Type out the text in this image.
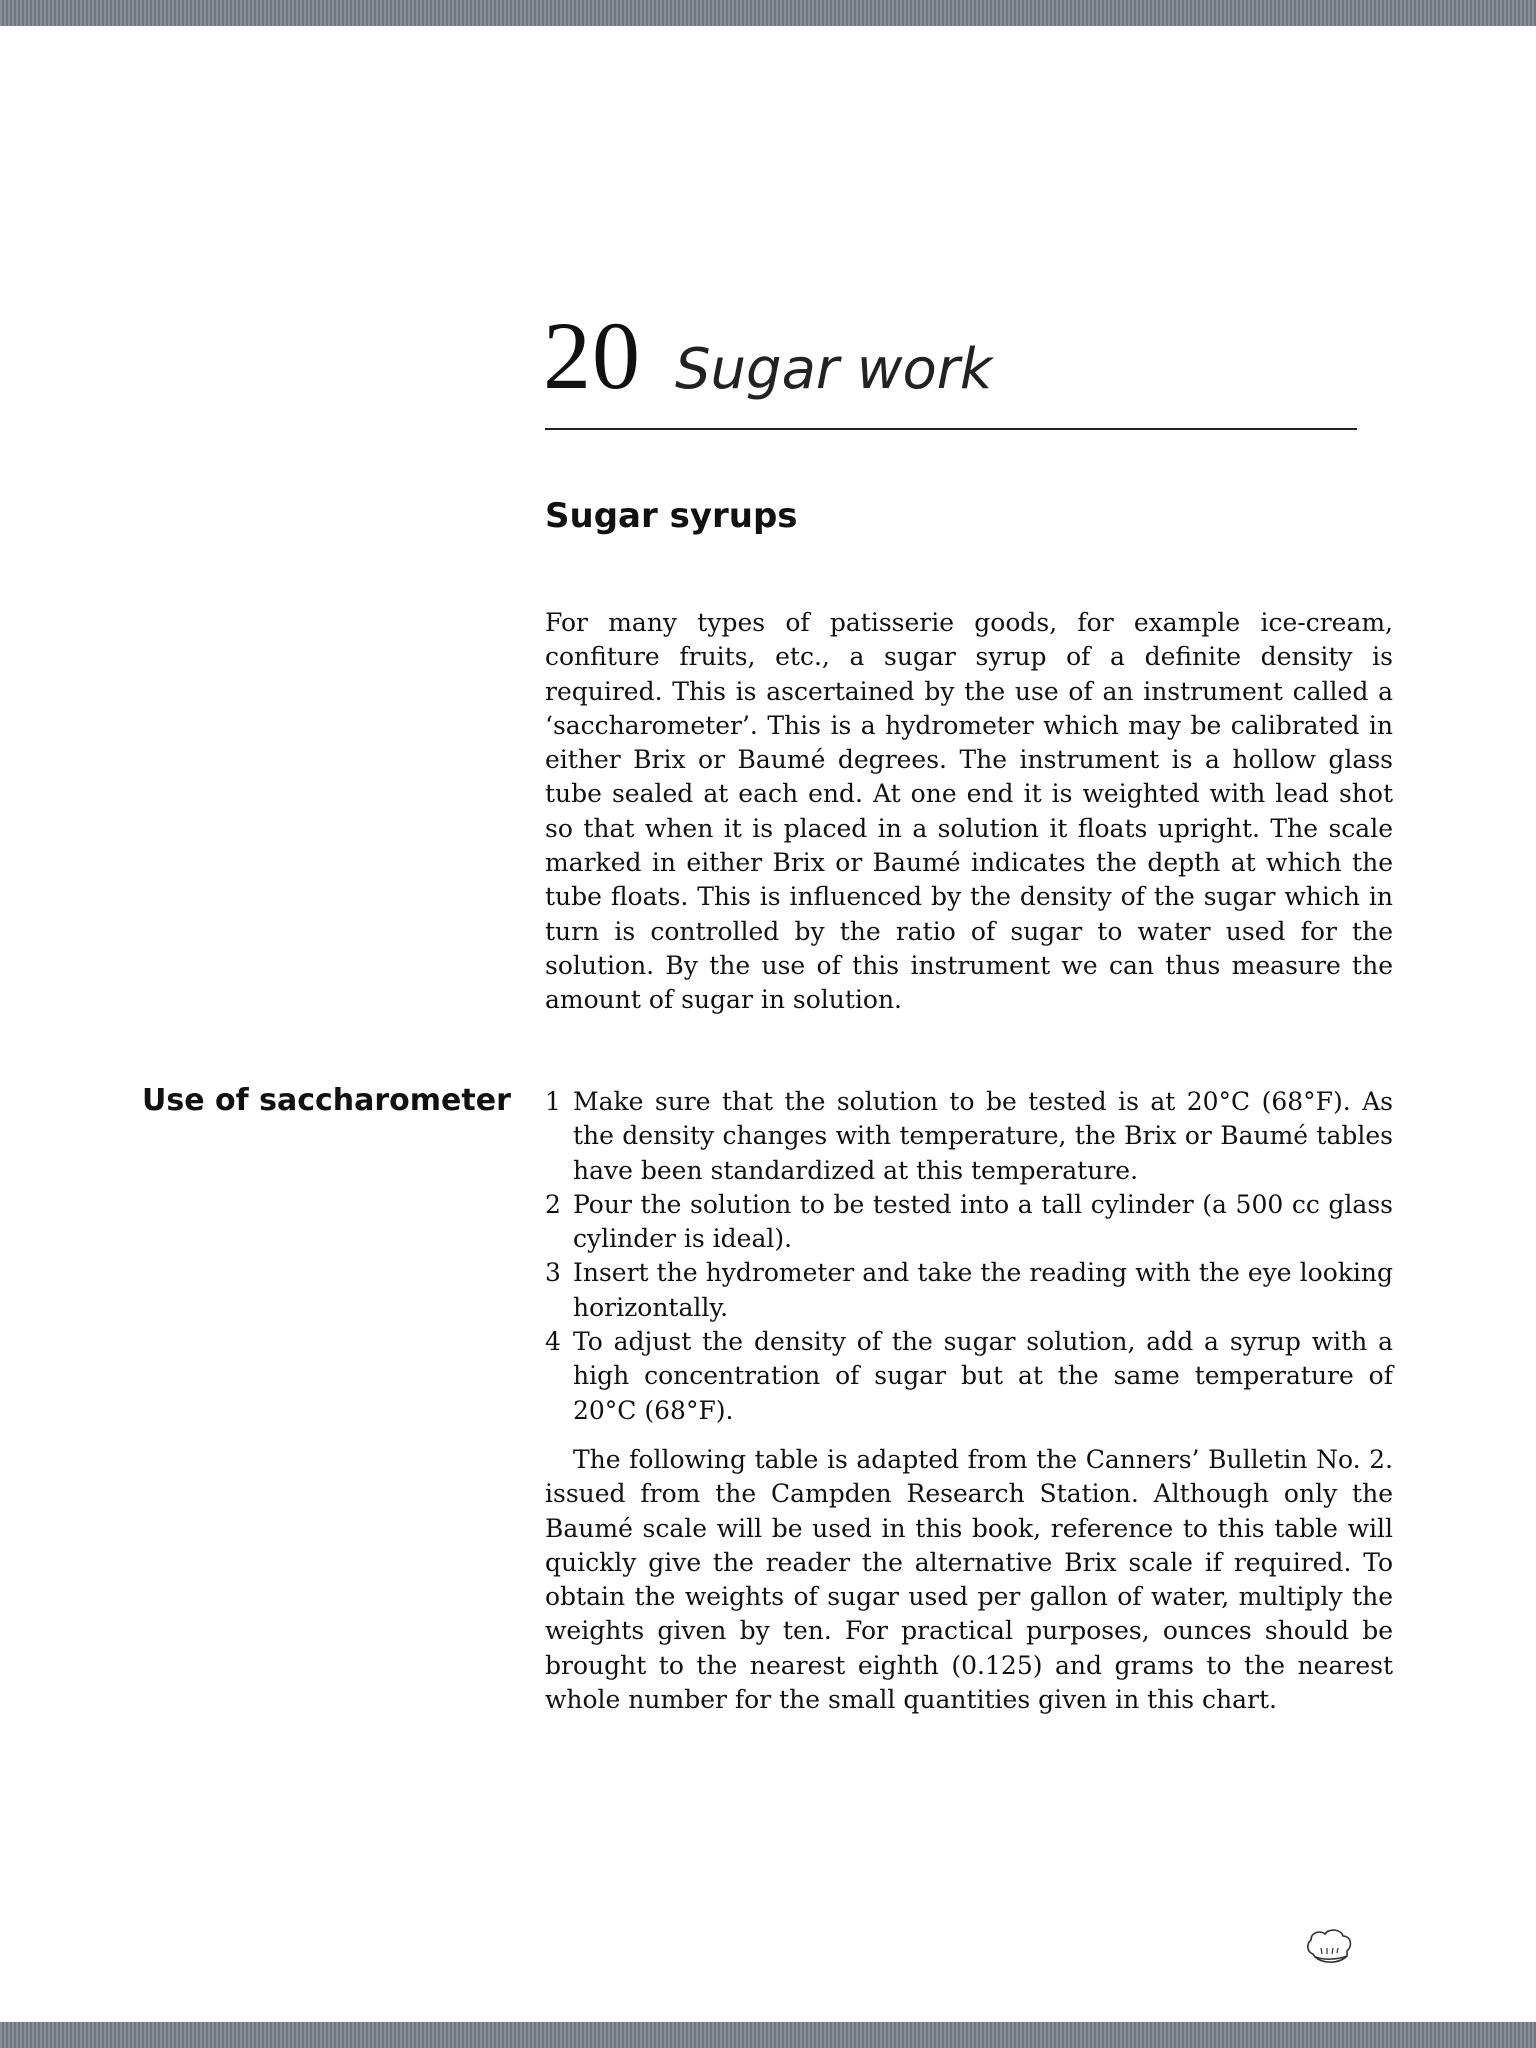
20 Sugar work
Sugar syrups

For many types of patisserie goods, for example ice-cream, confiture fruits, etc., a sugar syrup of a definite density is required. This is ascertained by the use of an instrument called a ‘saccharometer’. This is a hydrometer which may be calibrated in either Brix or Baumé degrees. The instrument is a hollow glass tube sealed at each end. At one end it is weighted with lead shot so that when it is placed in a solution it floats upright. The scale marked in either Brix or Baumé indicates the depth at which the tube floats. This is influenced by the density of the sugar which in turn is controlled by the ratio of sugar to water used for the solution. By the use of this instrument we can thus measure the amount of sugar in solution.

Use of saccharometer 1 Make sure that the solution to be tested is at 20°C (68°F). As the density changes with temperature, the Brix or Baumé tables have been standardized at this temperature.
2 Pour the solution to be tested into a tall cylinder (a 500 cc glass cylinder is ideal).
3 Insert the hydrometer and take the reading with the eye looking horizontally.
4 To adjust the density of the sugar solution, add a syrup with a high concentration of sugar but at the same temperature of 20°C (68°F).

The following table is adapted from the Canners’ Bulletin No. 2. issued from the Campden Research Station. Although only the Baumé scale will be used in this book, reference to this table will quickly give the reader the alternative Brix scale if required. To obtain the weights of sugar used per gallon of water, multiply the weights given by ten. For practical purposes, ounces should be brought to the nearest eighth (0.125) and grams to the nearest whole number for the small quantities given in this chart.
